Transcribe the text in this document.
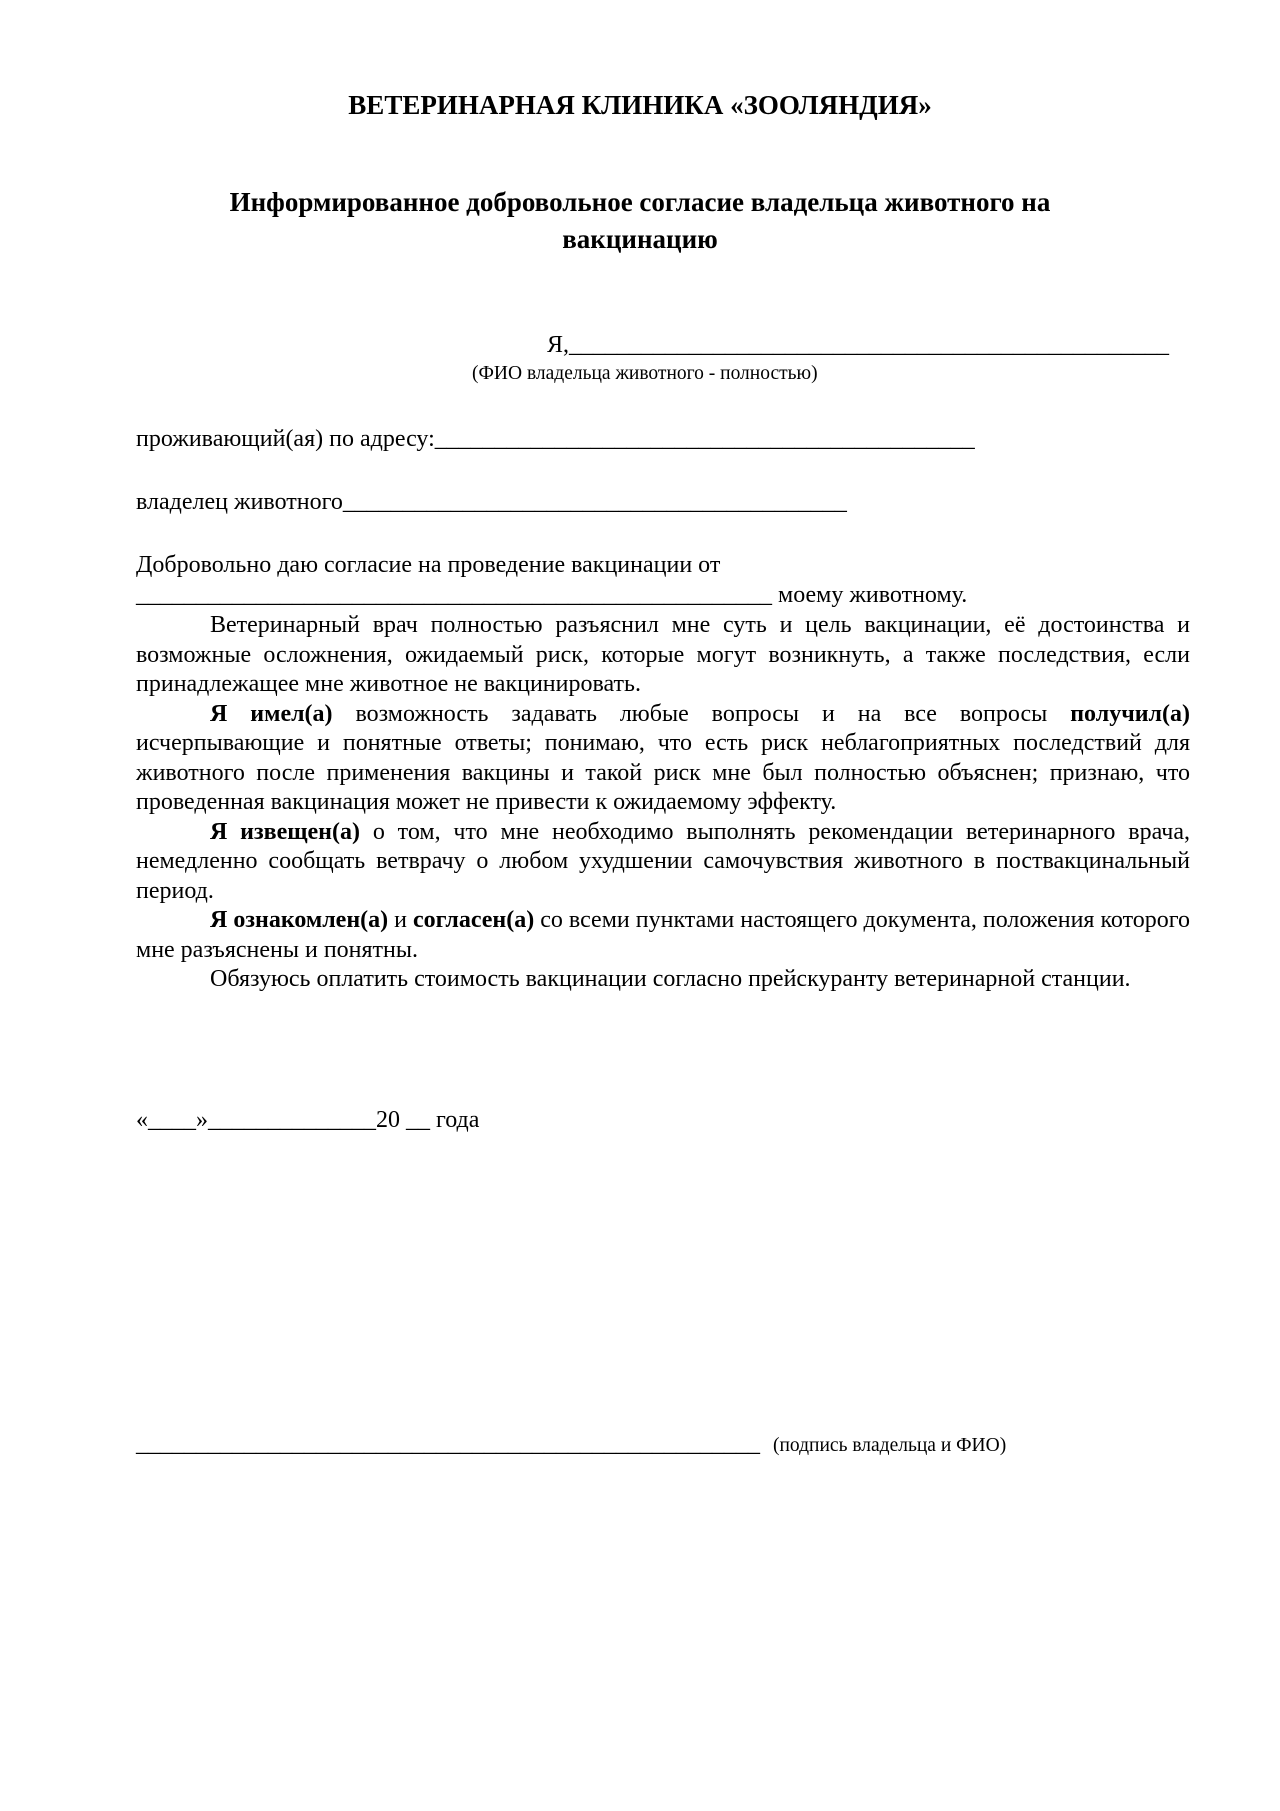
ВЕТЕРИНАРНАЯ КЛИНИКА «ЗООЛЯНДИЯ»
Информированное добровольное согласие владельца животного на
вакцинацию
Я,__________________________________________________
(ФИО владельца животного - полностью)
проживающий(ая) по адресу:_____________________________________________
владелец животного__________________________________________
Добровольно даю согласие на проведение вакцинации от
_____________________________________________________ моему животному.

Ветеринарный врач полностью разъяснил мне суть и цель вакцинации, её достоинства и возможные осложнения, ожидаемый риск, которые могут возникнуть, а также последствия, если принадлежащее мне животное не вакцинировать.

Я имел(а) возможность задавать любые вопросы и на все вопросы получил(а) исчерпывающие и понятные ответы; понимаю, что есть риск неблагоприятных последствий для животного после применения вакцины и такой риск мне был полностью объяснен; признаю, что проведенная вакцинация может не привести к ожидаемому эффекту.

Я извещен(а) о том, что мне необходимо выполнять рекомендации ветеринарного врача, немедленно сообщать ветврачу о любом ухудшении самочувствия животного в поствакцинальный период.

Я ознакомлен(а) и согласен(а) со всеми пунктами настоящего документа, положения которого мне разъяснены и понятны.

Обязуюсь оплатить стоимость вакцинации согласно прейскуранту ветеринарной станции.

«____»______________20 __ года
____________________________________________________ (подпись владельца и ФИО)
